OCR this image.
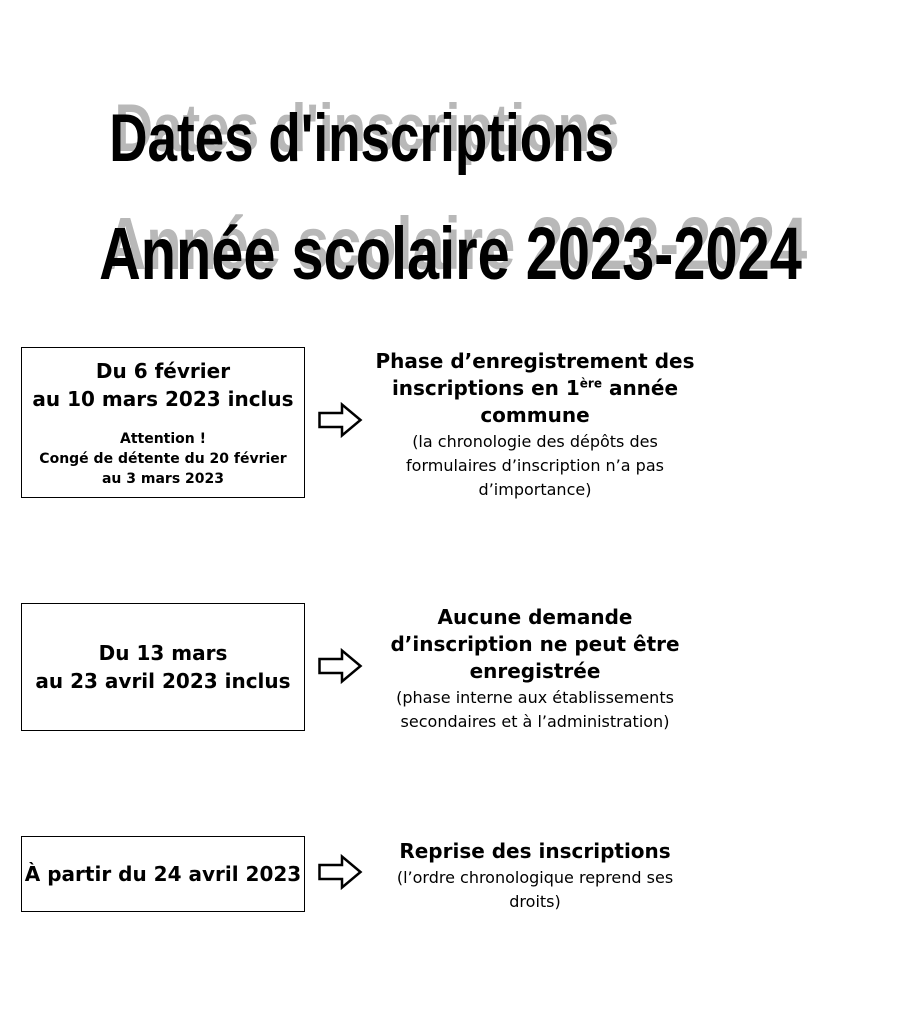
Dates d'inscriptions
Année scolaire 2023-2024
Du 6 février
au 10 mars 2023 inclus
Attention !
Congé de détente du 20 février
au 3 mars 2023
Phase d’enregistrement des
inscriptions en 1ère année
commune
(la chronologie des dépôts des
formulaires d’inscription n’a pas
d’importance)
Du 13 mars
au 23 avril 2023 inclus
Aucune demande
d’inscription ne peut être
enregistrée
(phase interne aux établissements
secondaires et à l’administration)
À partir du 24 avril 2023
Reprise des inscriptions
(l’ordre chronologique reprend ses
droits)
